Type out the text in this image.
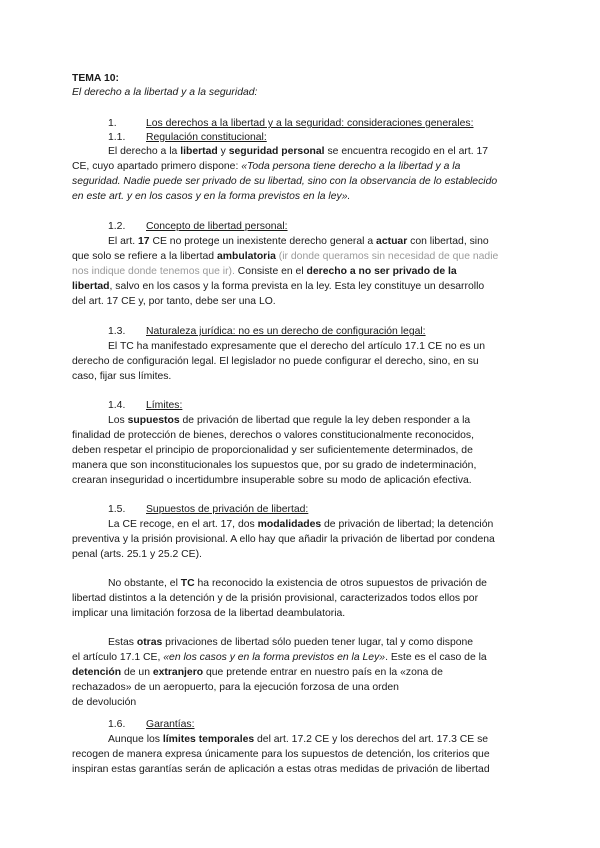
TEMA 10:
El derecho a la libertad y a la seguridad:
1.	Los derechos a la libertad y a la seguridad: consideraciones generales:
1.1. Regulación constitucional:
El derecho a la libertad y seguridad personal se encuentra recogido en el art. 17
CE, cuyo apartado primero dispone: «Toda persona tiene derecho a la libertad y a la
seguridad. Nadie puede ser privado de su libertad, sino con la observancia de lo establecido
en este art. y en los casos y en la forma previstos en la ley».
1.2. Concepto de libertad personal:
El art. 17 CE no protege un inexistente derecho general a actuar con libertad, sino
que solo se refiere a la libertad ambulatoria (ir donde queramos sin necesidad de que nadie
nos indique donde tenemos que ir). Consiste en el derecho a no ser privado de la
libertad, salvo en los casos y la forma prevista en la ley. Esta ley constituye un desarrollo
del art. 17 CE y, por tanto, debe ser una LO.
1.3. Naturaleza jurídica: no es un derecho de configuración legal:
El TC ha manifestado expresamente que el derecho del artículo 17.1 CE no es un
derecho de configuración legal. El legislador no puede configurar el derecho, sino, en su
caso, fijar sus límites.
1.4. Límites:
Los supuestos de privación de libertad que regule la ley deben responder a la
finalidad de protección de bienes, derechos o valores constitucionalmente reconocidos,
deben respetar el principio de proporcionalidad y ser suficientemente determinados, de
manera que son inconstitucionales los supuestos que, por su grado de indeterminación,
crearan inseguridad o incertidumbre insuperable sobre su modo de aplicación efectiva.
1.5. Supuestos de privación de libertad:
La CE recoge, en el art. 17, dos modalidades de privación de libertad; la detención
preventiva y la prisión provisional. A ello hay que añadir la privación de libertad por condena
penal (arts. 25.1 y 25.2 CE).
No obstante, el TC ha reconocido la existencia de otros supuestos de privación de
libertad distintos a la detención y de la prisión provisional, caracterizados todos ellos por
implicar una limitación forzosa de la libertad deambulatoria.
Estas otras privaciones de libertad sólo pueden tener lugar, tal y como dispone
el artículo 17.1 CE, «en los casos y en la forma previstos en la Ley». Este es el caso de la
detención de un extranjero que pretende entrar en nuestro país en la «zona de
rechazados» de un aeropuerto, para la ejecución forzosa de una orden
de devolución
1.6. Garantías:
Aunque los límites temporales del art. 17.2 CE y los derechos del art. 17.3 CE se
recogen de manera expresa únicamente para los supuestos de detención, los criterios que
inspiran estas garantías serán de aplicación a estas otras medidas de privación de libertad
